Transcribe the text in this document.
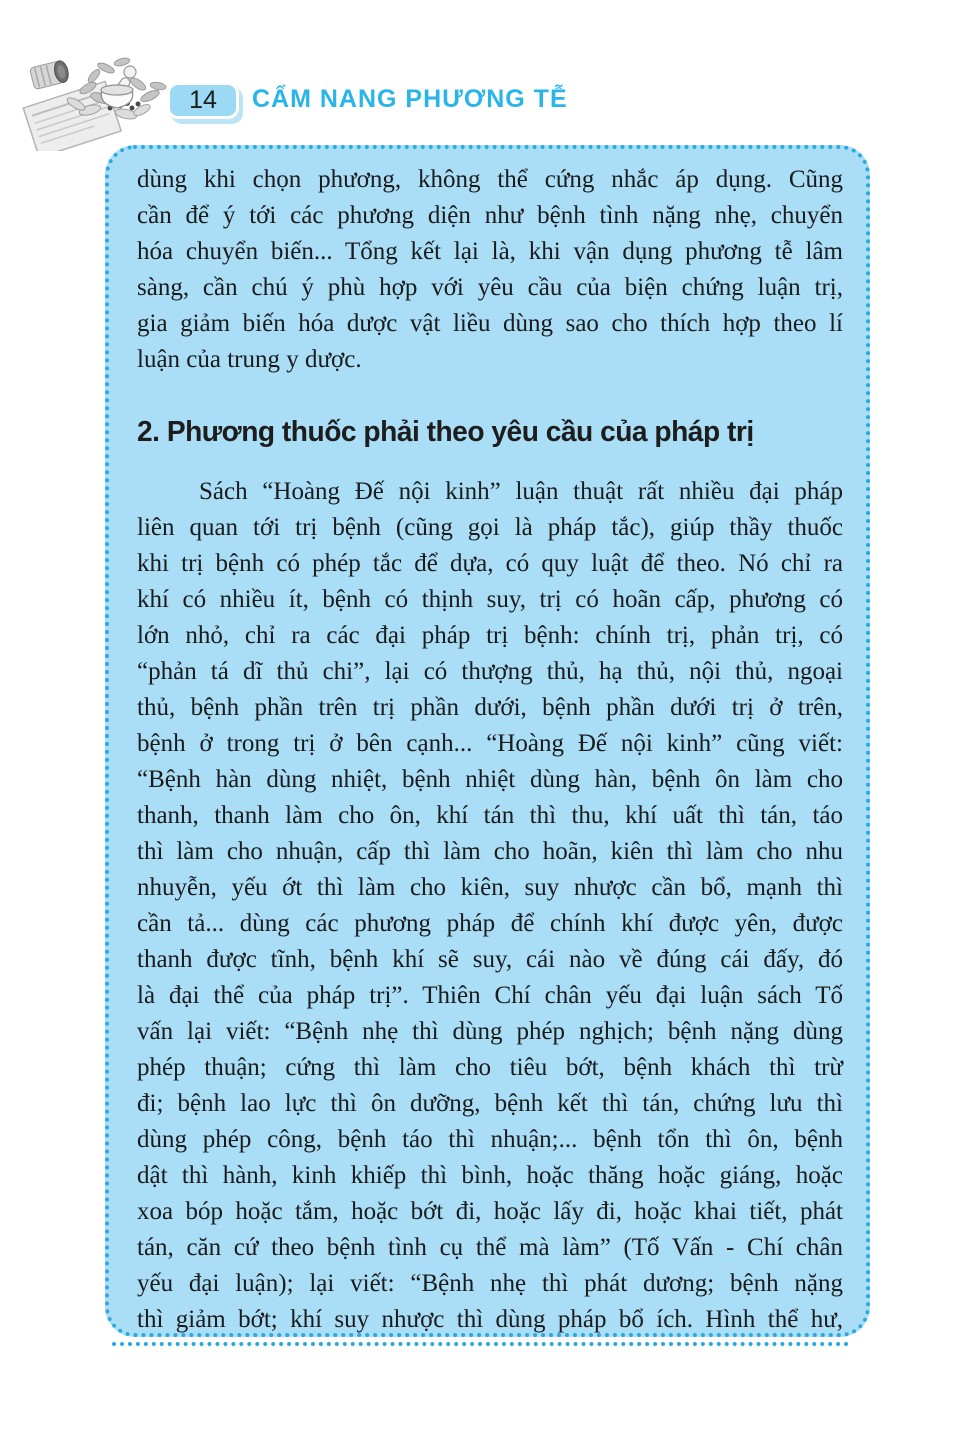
14 CẨM NANG PHƯƠNG TỄ
dùng khi chọn phương, không thể cứng nhắc áp dụng. Cũng
cần để ý tới các phương diện như bệnh tình nặng nhẹ, chuyển
hóa chuyển biến... Tổng kết lại là, khi vận dụng phương tễ lâm
sàng, cần chú ý phù hợp với yêu cầu của biện chứng luận trị,
gia giảm biến hóa dược vật liều dùng sao cho thích hợp theo lí
luận của trung y dược.
2. Phương thuốc phải theo yêu cầu của pháp trị
Sách “Hoàng Đế nội kinh” luận thuật rất nhiều đại pháp
liên quan tới trị bệnh (cũng gọi là pháp tắc), giúp thầy thuốc
khi trị bệnh có phép tắc để dựa, có quy luật để theo. Nó chỉ ra
khí có nhiều ít, bệnh có thịnh suy, trị có hoãn cấp, phương có
lớn nhỏ, chỉ ra các đại pháp trị bệnh: chính trị, phản trị, có
“phản tá dĩ thủ chi”, lại có thượng thủ, hạ thủ, nội thủ, ngoại
thủ, bệnh phần trên trị phần dưới, bệnh phần dưới trị ở trên,
bệnh ở trong trị ở bên cạnh... “Hoàng Đế nội kinh” cũng viết:
“Bệnh hàn dùng nhiệt, bệnh nhiệt dùng hàn, bệnh ôn làm cho
thanh, thanh làm cho ôn, khí tán thì thu, khí uất thì tán, táo
thì làm cho nhuận, cấp thì làm cho hoãn, kiên thì làm cho nhu
nhuyễn, yếu ớt thì làm cho kiên, suy nhược cần bổ, mạnh thì
cần tả... dùng các phương pháp để chính khí được yên, được
thanh được tĩnh, bệnh khí sẽ suy, cái nào về đúng cái đấy, đó
là đại thể của pháp trị”. Thiên Chí chân yếu đại luận sách Tố
vấn lại viết: “Bệnh nhẹ thì dùng phép nghịch; bệnh nặng dùng
phép thuận; cứng thì làm cho tiêu bớt, bệnh khách thì trừ
đi; bệnh lao lực thì ôn dưỡng, bệnh kết thì tán, chứng lưu thì
dùng phép công, bệnh táo thì nhuận;... bệnh tổn thì ôn, bệnh
dật thì hành, kinh khiếp thì bình, hoặc thăng hoặc giáng, hoặc
xoa bóp hoặc tắm, hoặc bớt đi, hoặc lấy đi, hoặc khai tiết, phát
tán, căn cứ theo bệnh tình cụ thể mà làm” (Tố Vấn - Chí chân
yếu đại luận); lại viết: “Bệnh nhẹ thì phát dương; bệnh nặng
thì giảm bớt; khí suy nhược thì dùng pháp bổ ích. Hình thể hư,
